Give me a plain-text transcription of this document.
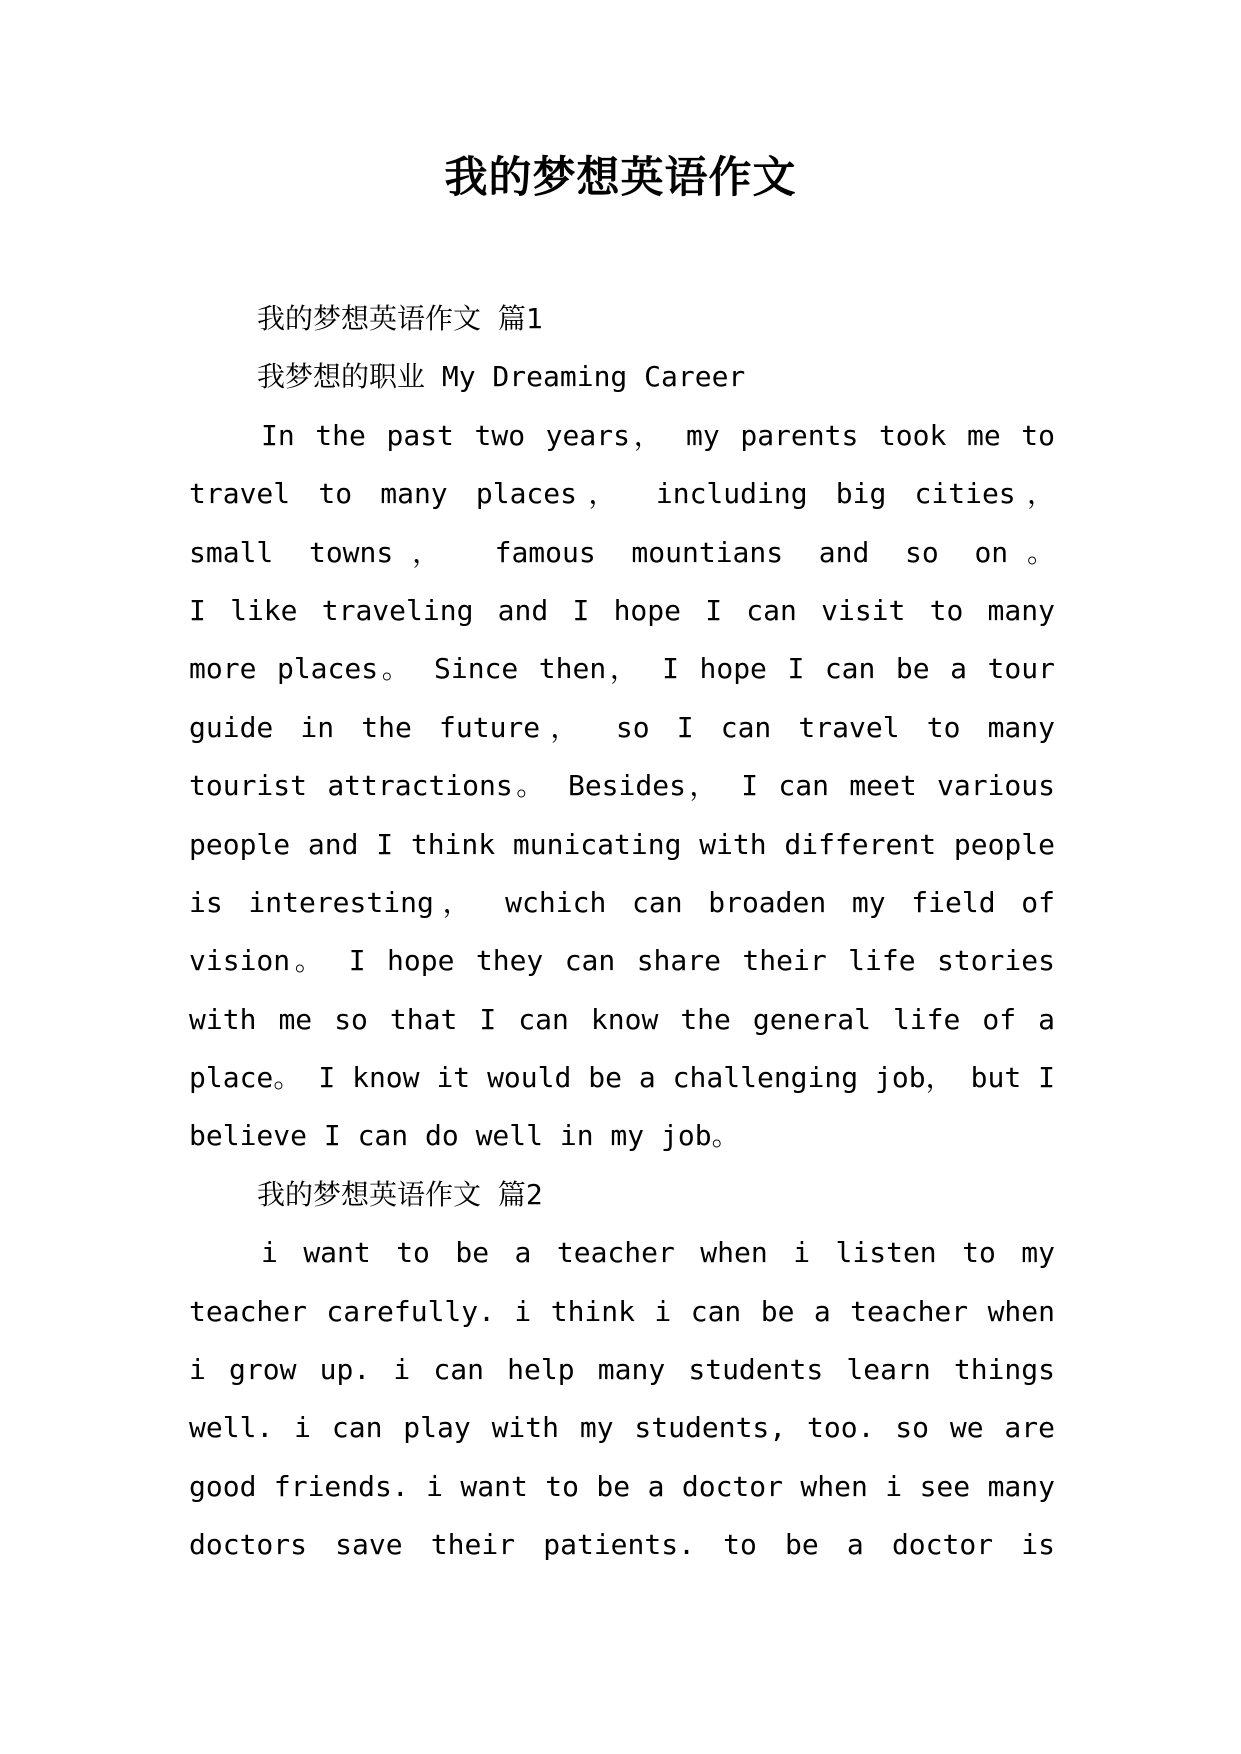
我的梦想英语作文
我的梦想英语作文 篇1
我梦想的职业 My Dreaming Career
In the past two years， my parents took me to
travel to many places， including big cities，
small towns， famous mountians and so on。
I like traveling and I hope I can visit to many
more places。 Since then， I hope I can be a tour
guide in the future， so I can travel to many
tourist attractions。 Besides， I can meet various
people and I think municating with different people
is interesting， wchich can broaden my field of
vision。 I hope they can share their life stories
with me so that I can know the general life of a
place。 I know it would be a challenging job， but I
believe I can do well in my job。
我的梦想英语作文 篇2
i want to be a teacher when i listen to my
teacher carefully. i think i can be a teacher when
i grow up. i can help many students learn things
well. i can play with my students, too. so we are
good friends. i want to be a doctor when i see many
doctors save their patients. to be a doctor is
